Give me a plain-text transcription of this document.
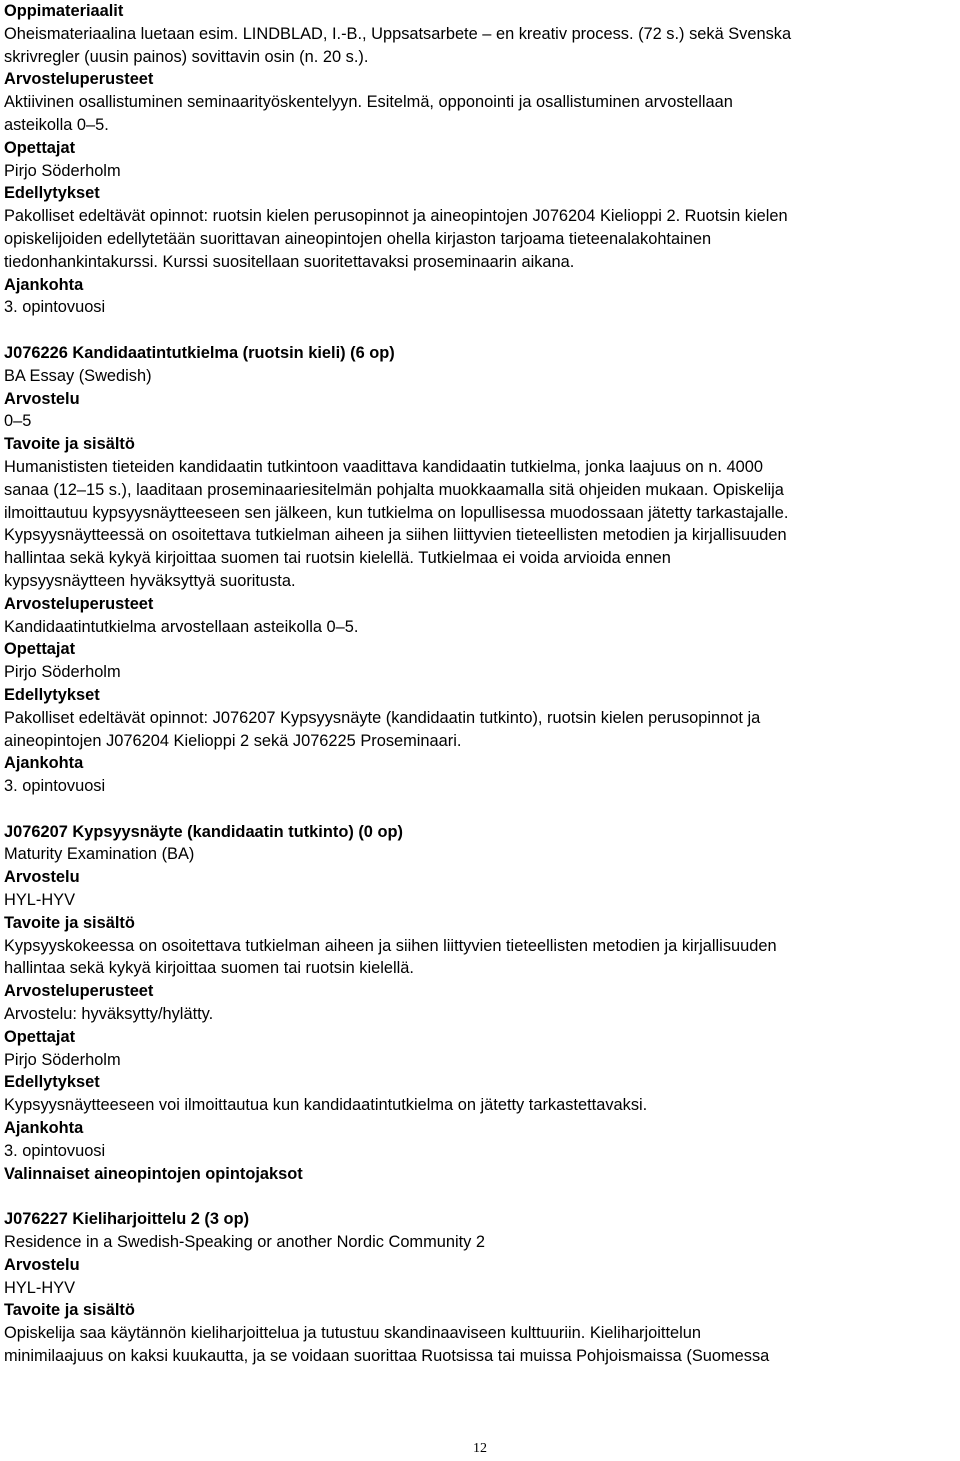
Oppimateriaalit
Oheismateriaalina luetaan esim. LINDBLAD, I.-B., Uppsatsarbete – en kreativ process. (72 s.) sekä Svenska
skrivregler (uusin painos) sovittavin osin (n. 20 s.).
Arvosteluperusteet
Aktiivinen osallistuminen seminaarityöskentelyyn. Esitelmä, opponointi ja osallistuminen arvostellaan
asteikolla 0–5.
Opettajat
Pirjo Söderholm
Edellytykset
Pakolliset edeltävät opinnot: ruotsin kielen perusopinnot ja aineopintojen J076204 Kielioppi 2. Ruotsin kielen
opiskelijoiden edellytetään suorittavan aineopintojen ohella kirjaston tarjoama tieteenalakohtainen
tiedonhankintakurssi. Kurssi suositellaan suoritettavaksi proseminaarin aikana.
Ajankohta
3. opintovuosi
J076226 Kandidaatintutkielma (ruotsin kieli) (6 op)
BA Essay (Swedish)
Arvostelu
0–5
Tavoite ja sisältö
Humanististen tieteiden kandidaatin tutkintoon vaadittava kandidaatin tutkielma, jonka laajuus on n. 4000
sanaa (12–15 s.), laaditaan proseminaariesitelmän pohjalta muokkaamalla sitä ohjeiden mukaan. Opiskelija
ilmoittautuu kypsyysnäytteeseen sen jälkeen, kun tutkielma on lopullisessa muodossaan jätetty tarkastajalle.
Kypsyysnäytteessä on osoitettava tutkielman aiheen ja siihen liittyvien tieteellisten metodien ja kirjallisuuden
hallintaa sekä kykyä kirjoittaa suomen tai ruotsin kielellä. Tutkielmaa ei voida arvioida ennen
kypsyysnäytteen hyväksyttyä suoritusta.
Arvosteluperusteet
Kandidaatintutkielma arvostellaan asteikolla 0–5.
Opettajat
Pirjo Söderholm
Edellytykset
Pakolliset edeltävät opinnot: J076207 Kypsyysnäyte (kandidaatin tutkinto), ruotsin kielen perusopinnot ja
aineopintojen J076204 Kielioppi 2 sekä J076225 Proseminaari.
Ajankohta
3. opintovuosi
J076207 Kypsyysnäyte (kandidaatin tutkinto) (0 op)
Maturity Examination (BA)
Arvostelu
HYL-HYV
Tavoite ja sisältö
Kypsyyskokeessa on osoitettava tutkielman aiheen ja siihen liittyvien tieteellisten metodien ja kirjallisuuden
hallintaa sekä kykyä kirjoittaa suomen tai ruotsin kielellä.
Arvosteluperusteet
Arvostelu: hyväksytty/hylätty.
Opettajat
Pirjo Söderholm
Edellytykset
Kypsyysnäytteeseen voi ilmoittautua kun kandidaatintutkielma on jätetty tarkastettavaksi.
Ajankohta
3. opintovuosi
Valinnaiset aineopintojen opintojaksot
J076227 Kieliharjoittelu 2 (3 op)
Residence in a Swedish-Speaking or another Nordic Community 2
Arvostelu
HYL-HYV
Tavoite ja sisältö
Opiskelija saa käytännön kieliharjoittelua ja tutustuu skandinaaviseen kulttuuriin. Kieliharjoittelun
minimilaajuus on kaksi kuukautta, ja se voidaan suorittaa Ruotsissa tai muissa Pohjoismaissa (Suomessa
12
